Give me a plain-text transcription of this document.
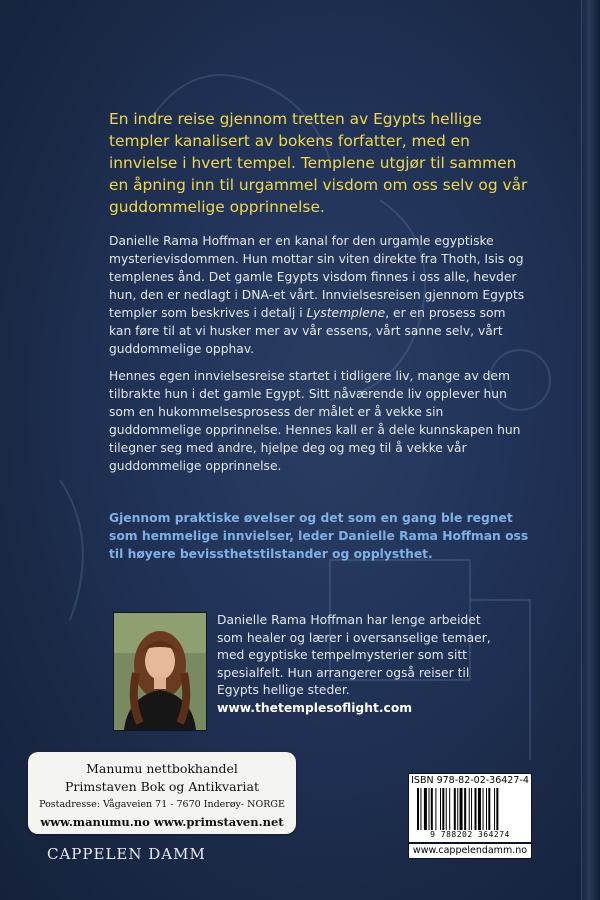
En indre reise gjennom tretten av Egypts hellige templer kanalisert av bokens forfatter, med en innvielse i hvert tempel. Templene utgjør til sammen en åpning inn til urgammel visdom om oss selv og vår guddommelige opprinnelse.
Danielle Rama Hoffman er en kanal for den urgamle egyptiske mysterievisdommen. Hun mottar sin viten direkte fra Thoth, Isis og templenes ånd. Det gamle Egypts visdom finnes i oss alle, hevder hun, den er nedlagt i DNA-et vårt. Innvielsesreisen gjennom Egypts templer som beskrives i detalj i Lystemplene, er en prosess som kan føre til at vi husker mer av vår essens, vårt sanne selv, vårt guddommelige opphav.
Hennes egen innvielsesreise startet i tidligere liv, mange av dem tilbrakte hun i det gamle Egypt. Sitt nåværende liv opplever hun som en hukommelsesprosess der målet er å vekke sin guddommelige opprinnelse. Hennes kall er å dele kunnskapen hun tilegner seg med andre, hjelpe deg og meg til å vekke vår guddommelige opprinnelse.
Gjennom praktiske øvelser og det som en gang ble regnet som hemmelige innvielser, leder Danielle Rama Hoffman oss til høyere bevissthetstilstander og opplysthet.
Danielle Rama Hoffman har lenge arbeidet som healer og lærer i oversanselige temaer, med egyptiske tempelmysterier som sitt spesialfelt. Hun arrangerer også reiser til Egypts hellige steder.
www.thetemplesoflight.com
Manumu nettbokhandel
Primstaven Bok og Antikvariat
Postadresse: Vågaveien 71 - 7670 Inderøy- NORGE
www.manumu.no www.primstaven.net
CAPPELEN DAMM
ISBN 978-82-02-36427-4
9 788202 364274
www.cappelendamm.no
